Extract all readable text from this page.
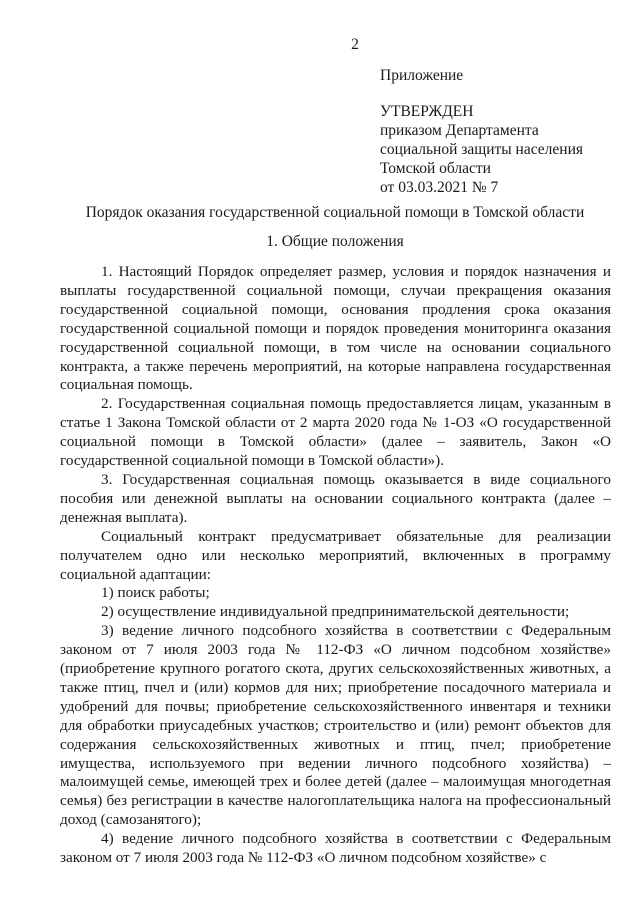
2
Приложение
УТВЕРЖДЕН
приказом Департамента
социальной защиты населения
Томской области
от 03.03.2021 № 7
Порядок оказания государственной социальной помощи в Томской области
1. Общие положения

1. Настоящий Порядок определяет размер, условия и порядок назначения и выплаты государственной социальной помощи, случаи прекращения оказания государственной социальной помощи, основания продления срока оказания государственной социальной помощи и порядок проведения мониторинга оказания государственной социальной помощи, в том числе на основании социального контракта, а также перечень мероприятий, на которые направлена государственная социальная помощь.

2. Государственная социальная помощь предоставляется лицам, указанным в статье 1 Закона Томской области от 2 марта 2020 года № 1-ОЗ «О государственной социальной помощи в Томской области» (далее – заявитель, Закон «О государственной социальной помощи в Томской области»).

3. Государственная социальная помощь оказывается в виде социального пособия или денежной выплаты на основании социального контракта (далее – денежная выплата).

Социальный контракт предусматривает обязательные для реализации получателем одно или несколько мероприятий, включенных в программу социальной адаптации:

1) поиск работы;

2) осуществление индивидуальной предпринимательской деятельности;

3) ведение личного подсобного хозяйства в соответствии с Федеральным законом от 7 июля 2003 года № 112-ФЗ «О личном подсобном хозяйстве» (приобретение крупного рогатого скота, других сельскохозяйственных животных, а также птиц, пчел и (или) кормов для них; приобретение посадочного материала и удобрений для почвы; приобретение сельскохозяйственного инвентаря и техники для обработки приусадебных участков; строительство и (или) ремонт объектов для содержания сельскохозяйственных животных и птиц, пчел; приобретение имущества, используемого при ведении личного подсобного хозяйства) – малоимущей семье, имеющей трех и более детей (далее – малоимущая многодетная семья) без регистрации в качестве налогоплательщика налога на профессиональный доход (самозанятого);

4) ведение личного подсобного хозяйства в соответствии с Федеральным законом от 7 июля 2003 года № 112-ФЗ «О личном подсобном хозяйстве» с
